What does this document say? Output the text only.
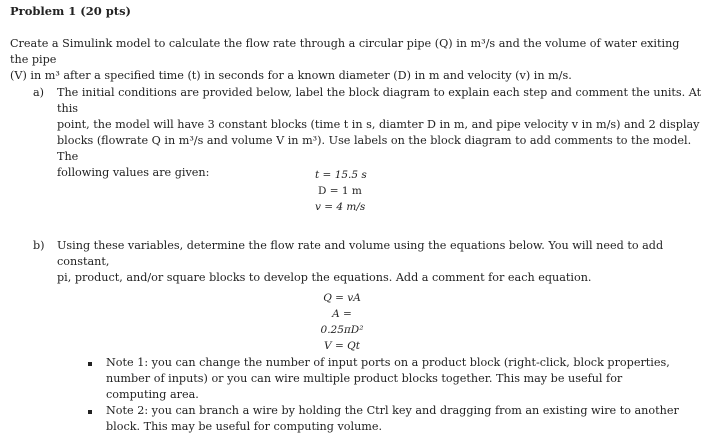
Problem 1 (20 pts)
Create a Simulink model to calculate the flow rate through a circular pipe (Q) in m³/s and the volume of water exiting the pipe
(V) in m³ after a specified time (t) in seconds for a known diameter (D) in m and velocity (v) in m/s.
a) The initial conditions are provided below, label the block diagram to explain each step and comment the units. At this
point, the model will have 3 constant blocks (time t in s, diamter D in m, and pipe velocity v in m/s) and 2 display
blocks (flowrate Q in m³/s and volume V in m³). Use labels on the block diagram to add comments to the model. The
following values are given:	t = 15.5 s
D = 1 m
v = 4 m/s
b) Using these variables, determine the flow rate and volume using the equations below. You will need to add constant,
pi, product, and/or square blocks to develop the equations. Add a comment for each equation.
Q = vA
A = 0.25πD²
V = Qt
Note 1: you can change the number of input ports on a product block (right-click, block properties,
number of inputs) or you can wire multiple product blocks together. This may be useful for
computing area.
Note 2: you can branch a wire by holding the Ctrl key and dragging from an existing wire to another
block. This may be useful for computing volume.
